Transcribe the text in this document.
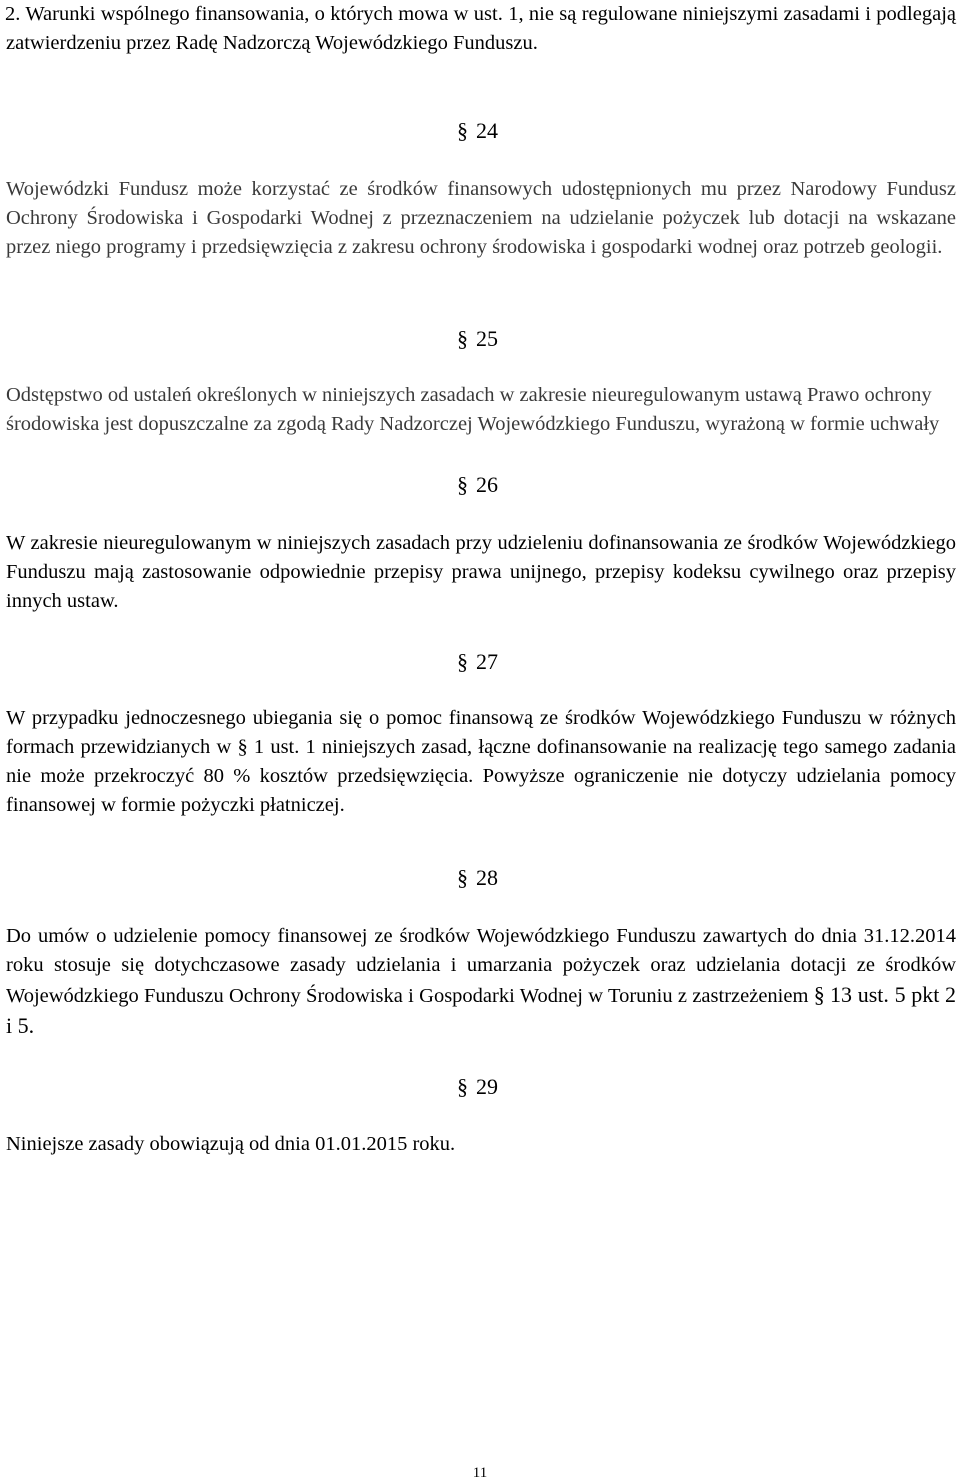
2. Warunki wspólnego finansowania, o których mowa w ust. 1, nie są regulowane niniejszymi zasadami i podlegają zatwierdzeniu przez Radę Nadzorczą Wojewódzkiego Funduszu.

§ 24

Wojewódzki Fundusz może korzystać ze środków finansowych udostępnionych mu przez Narodowy Fundusz Ochrony Środowiska i Gospodarki Wodnej z przeznaczeniem na udzielanie pożyczek lub dotacji na wskazane przez niego programy i przedsięwzięcia z zakresu ochrony środowiska i gospodarki wodnej oraz potrzeb geologii.

§ 25

Odstępstwo od ustaleń określonych w niniejszych zasadach w zakresie nieuregulowanym ustawą Prawo ochrony środowiska jest dopuszczalne za zgodą Rady Nadzorczej Wojewódzkiego Funduszu, wyrażoną w formie uchwały

§ 26

W zakresie nieuregulowanym w niniejszych zasadach przy udzieleniu dofinansowania ze środków Wojewódzkiego Funduszu mają zastosowanie odpowiednie przepisy prawa unijnego, przepisy kodeksu cywilnego oraz przepisy innych ustaw.

§ 27

W przypadku jednoczesnego ubiegania się o pomoc finansową ze środków Wojewódzkiego Funduszu w różnych formach przewidzianych w § 1 ust. 1 niniejszych zasad, łączne dofinansowanie na realizację tego samego zadania nie może przekroczyć 80 % kosztów przedsięwzięcia. Powyższe ograniczenie nie dotyczy udzielania pomocy finansowej w formie pożyczki płatniczej.

§ 28

Do umów o udzielenie pomocy finansowej ze środków Wojewódzkiego Funduszu zawartych do dnia 31.12.2014 roku stosuje się dotychczasowe zasady udzielania i umarzania pożyczek oraz udzielania dotacji ze środków Wojewódzkiego Funduszu Ochrony Środowiska i Gospodarki Wodnej w Toruniu z zastrzeżeniem § 13 ust. 5 pkt 2 i 5.

§ 29

Niniejsze zasady obowiązują od dnia 01.01.2015 roku.

11
